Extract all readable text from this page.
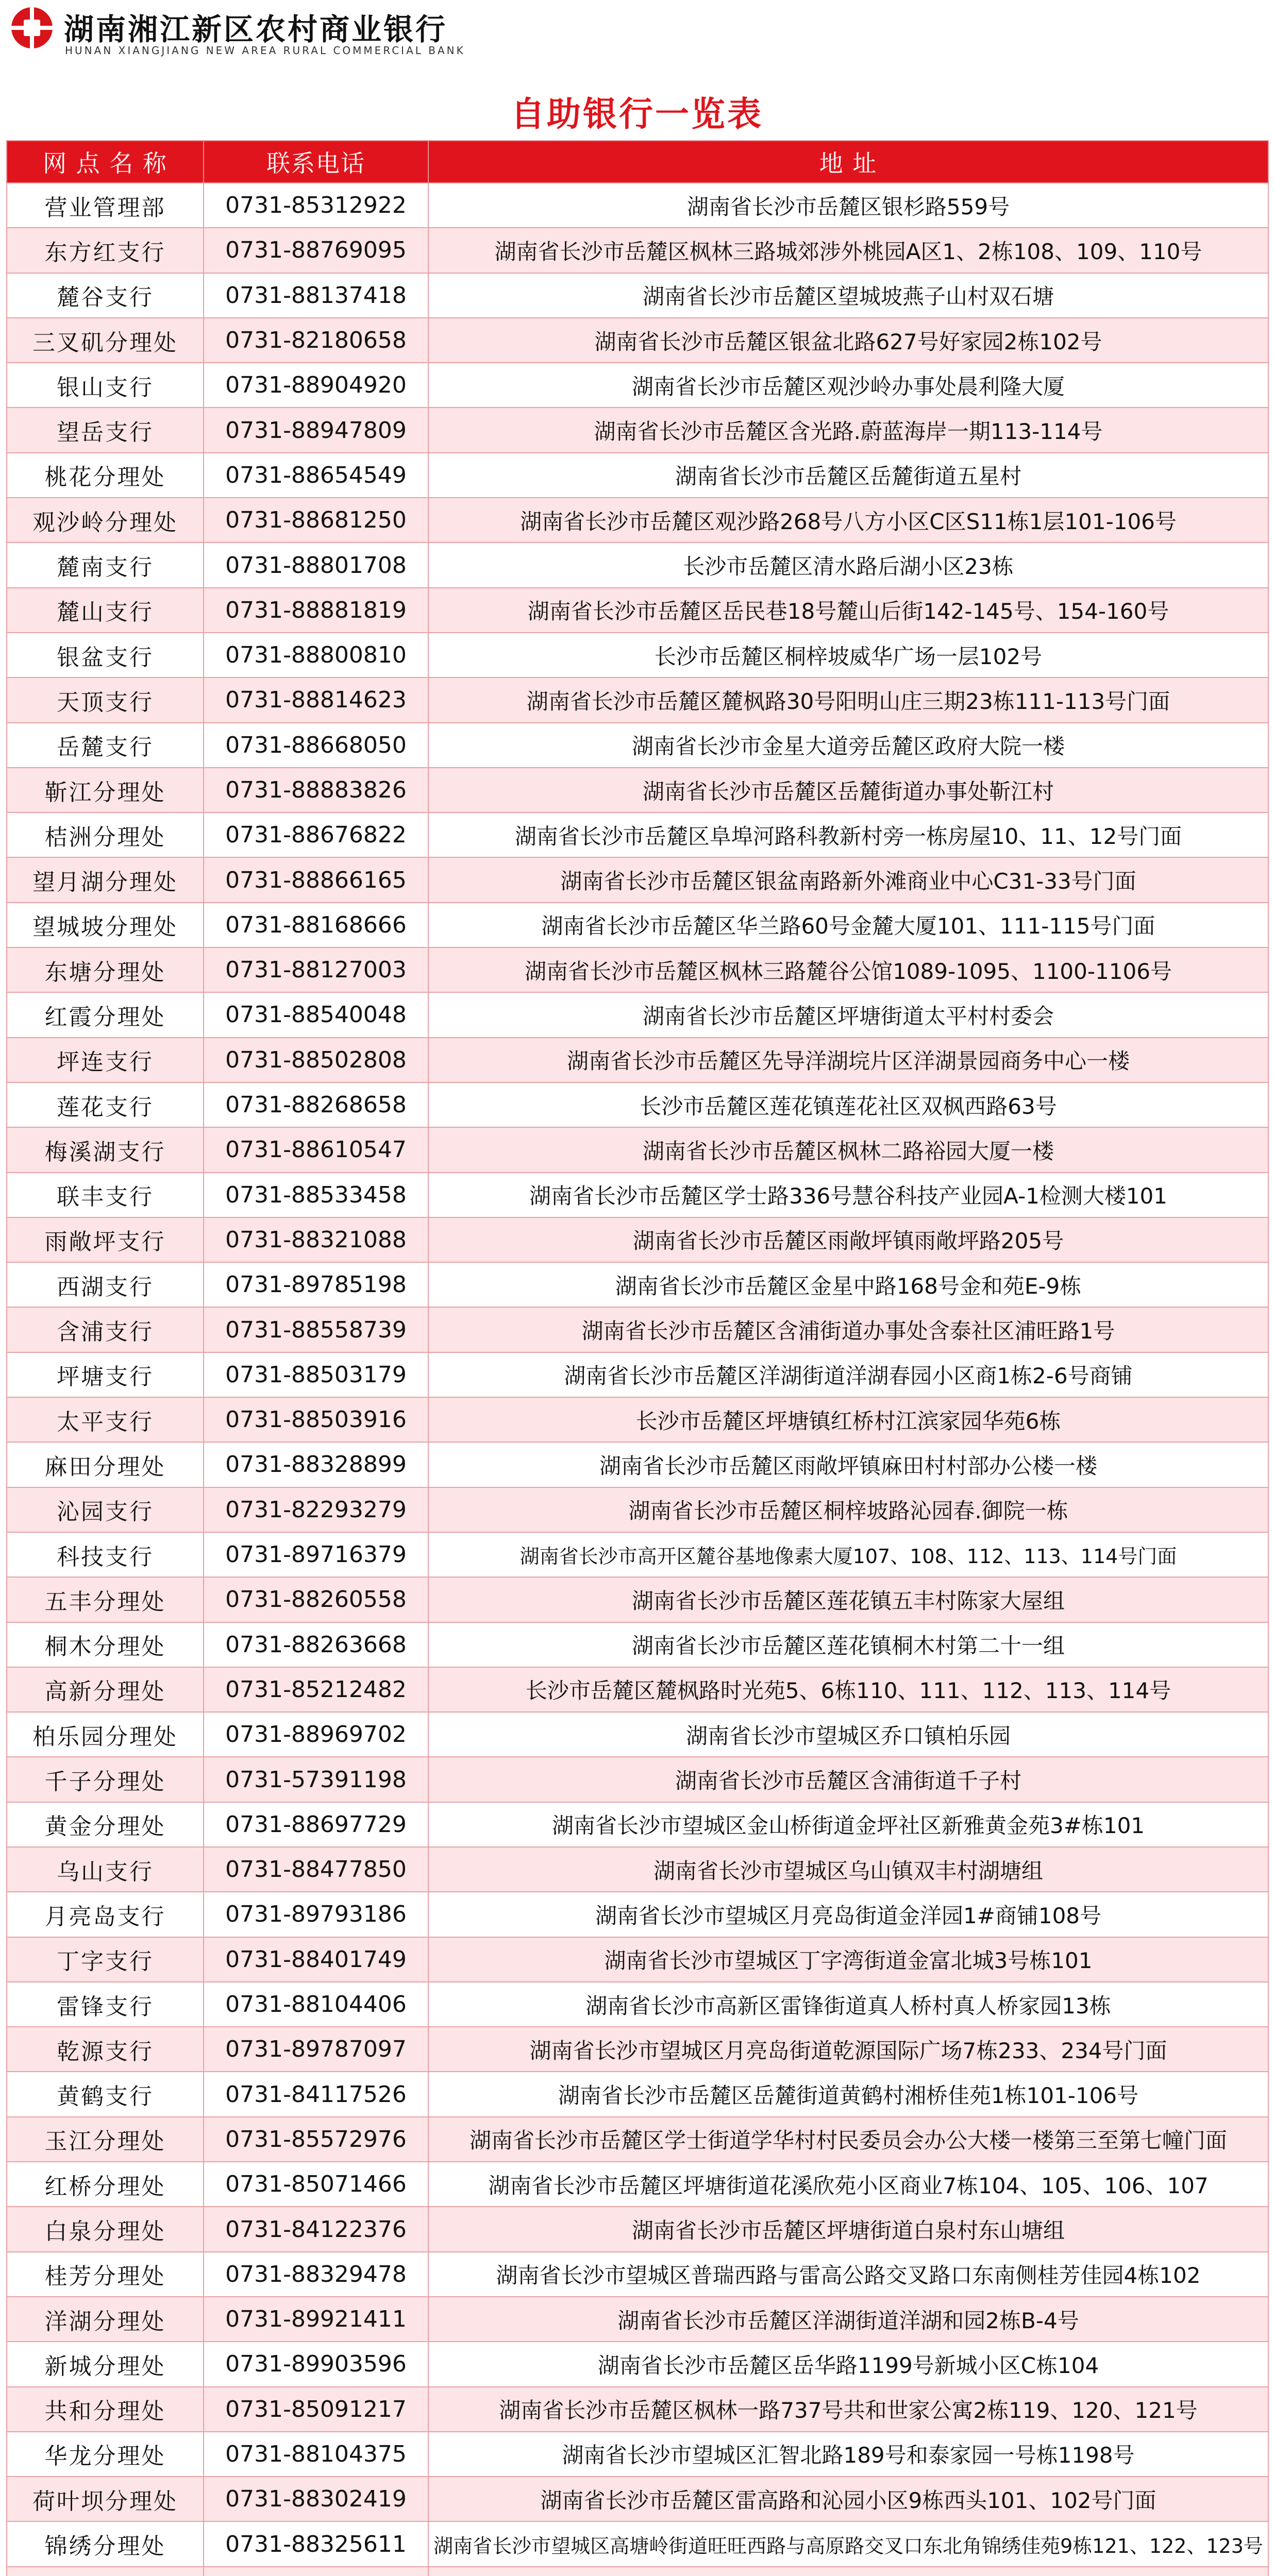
湖南湘江新区农村商业银行
HUNAN XIANGJIANG NEW AREA RURAL COMMERCIAL BANK
自助银行一览表
网 点 名 称	联系电话	地 址
营业管理部	0731-85312922	湖南省长沙市岳麓区银杉路559号
东方红支行	0731-88769095	湖南省长沙市岳麓区枫林三路城郊涉外桃园A区1、2栋108、109、110号
麓谷支行	0731-88137418	湖南省长沙市岳麓区望城坡燕子山村双石塘
三叉矶分理处	0731-82180658	湖南省长沙市岳麓区银盆北路627号好家园2栋102号
银山支行	0731-88904920	湖南省长沙市岳麓区观沙岭办事处晨利隆大厦
望岳支行	0731-88947809	湖南省长沙市岳麓区含光路.蔚蓝海岸一期113-114号
桃花分理处	0731-88654549	湖南省长沙市岳麓区岳麓街道五星村
观沙岭分理处	0731-88681250	湖南省长沙市岳麓区观沙路268号八方小区C区S11栋1层101-106号
麓南支行	0731-88801708	长沙市岳麓区清水路后湖小区23栋
麓山支行	0731-88881819	湖南省长沙市岳麓区岳民巷18号麓山后街142-145号、154-160号
银盆支行	0731-88800810	长沙市岳麓区桐梓坡威华广场一层102号
天顶支行	0731-88814623	湖南省长沙市岳麓区麓枫路30号阳明山庄三期23栋111-113号门面
岳麓支行	0731-88668050	湖南省长沙市金星大道旁岳麓区政府大院一楼
靳江分理处	0731-88883826	湖南省长沙市岳麓区岳麓街道办事处靳江村
桔洲分理处	0731-88676822	湖南省长沙市岳麓区阜埠河路科教新村旁一栋房屋10、11、12号门面
望月湖分理处	0731-88866165	湖南省长沙市岳麓区银盆南路新外滩商业中心C31-33号门面
望城坡分理处	0731-88168666	湖南省长沙市岳麓区华兰路60号金麓大厦101、111-115号门面
东塘分理处	0731-88127003	湖南省长沙市岳麓区枫林三路麓谷公馆1089-1095、1100-1106号
红霞分理处	0731-88540048	湖南省长沙市岳麓区坪塘街道太平村村委会
坪连支行	0731-88502808	湖南省长沙市岳麓区先导洋湖垸片区洋湖景园商务中心一楼
莲花支行	0731-88268658	长沙市岳麓区莲花镇莲花社区双枫西路63号
梅溪湖支行	0731-88610547	湖南省长沙市岳麓区枫林二路裕园大厦一楼
联丰支行	0731-88533458	湖南省长沙市岳麓区学士路336号慧谷科技产业园A-1检测大楼101
雨敞坪支行	0731-88321088	湖南省长沙市岳麓区雨敞坪镇雨敞坪路205号
西湖支行	0731-89785198	湖南省长沙市岳麓区金星中路168号金和苑E-9栋
含浦支行	0731-88558739	湖南省长沙市岳麓区含浦街道办事处含泰社区浦旺路1号
坪塘支行	0731-88503179	湖南省长沙市岳麓区洋湖街道洋湖春园小区商1栋2-6号商铺
太平支行	0731-88503916	长沙市岳麓区坪塘镇红桥村江滨家园华苑6栋
麻田分理处	0731-88328899	湖南省长沙市岳麓区雨敞坪镇麻田村村部办公楼一楼
沁园支行	0731-82293279	湖南省长沙市岳麓区桐梓坡路沁园春.御院一栋
科技支行	0731-89716379	湖南省长沙市高开区麓谷基地像素大厦107、108、112、113、114号门面
五丰分理处	0731-88260558	湖南省长沙市岳麓区莲花镇五丰村陈家大屋组
桐木分理处	0731-88263668	湖南省长沙市岳麓区莲花镇桐木村第二十一组
高新分理处	0731-85212482	长沙市岳麓区麓枫路时光苑5、6栋110、111、112、113、114号
柏乐园分理处	0731-88969702	湖南省长沙市望城区乔口镇柏乐园
千子分理处	0731-57391198	湖南省长沙市岳麓区含浦街道千子村
黄金分理处	0731-88697729	湖南省长沙市望城区金山桥街道金坪社区新雅黄金苑3#栋101
乌山支行	0731-88477850	湖南省长沙市望城区乌山镇双丰村湖塘组
月亮岛支行	0731-89793186	湖南省长沙市望城区月亮岛街道金洋园1#商铺108号
丁字支行	0731-88401749	湖南省长沙市望城区丁字湾街道金富北城3号栋101
雷锋支行	0731-88104406	湖南省长沙市高新区雷锋街道真人桥村真人桥家园13栋
乾源支行	0731-89787097	湖南省长沙市望城区月亮岛街道乾源国际广场7栋233、234号门面
黄鹤支行	0731-84117526	湖南省长沙市岳麓区岳麓街道黄鹤村湘桥佳苑1栋101-106号
玉江分理处	0731-85572976	湖南省长沙市岳麓区学士街道学华村村民委员会办公大楼一楼第三至第七幢门面
红桥分理处	0731-85071466	湖南省长沙市岳麓区坪塘街道花溪欣苑小区商业7栋104、105、106、107
白泉分理处	0731-84122376	湖南省长沙市岳麓区坪塘街道白泉村东山塘组
桂芳分理处	0731-88329478	湖南省长沙市望城区普瑞西路与雷高公路交叉路口东南侧桂芳佳园4栋102
洋湖分理处	0731-89921411	湖南省长沙市岳麓区洋湖街道洋湖和园2栋B-4号
新城分理处	0731-89903596	湖南省长沙市岳麓区岳华路1199号新城小区C栋104
共和分理处	0731-85091217	湖南省长沙市岳麓区枫林一路737号共和世家公寓2栋119、120、121号
华龙分理处	0731-88104375	湖南省长沙市望城区汇智北路189号和泰家园一号栋1198号
荷叶坝分理处	0731-88302419	湖南省长沙市岳麓区雷高路和沁园小区9栋西头101、102号门面
锦绣分理处	0731-88325611	湖南省长沙市望城区高塘岭街道旺旺西路与高原路交叉口东北角锦绣佳苑9栋121、122、123号
